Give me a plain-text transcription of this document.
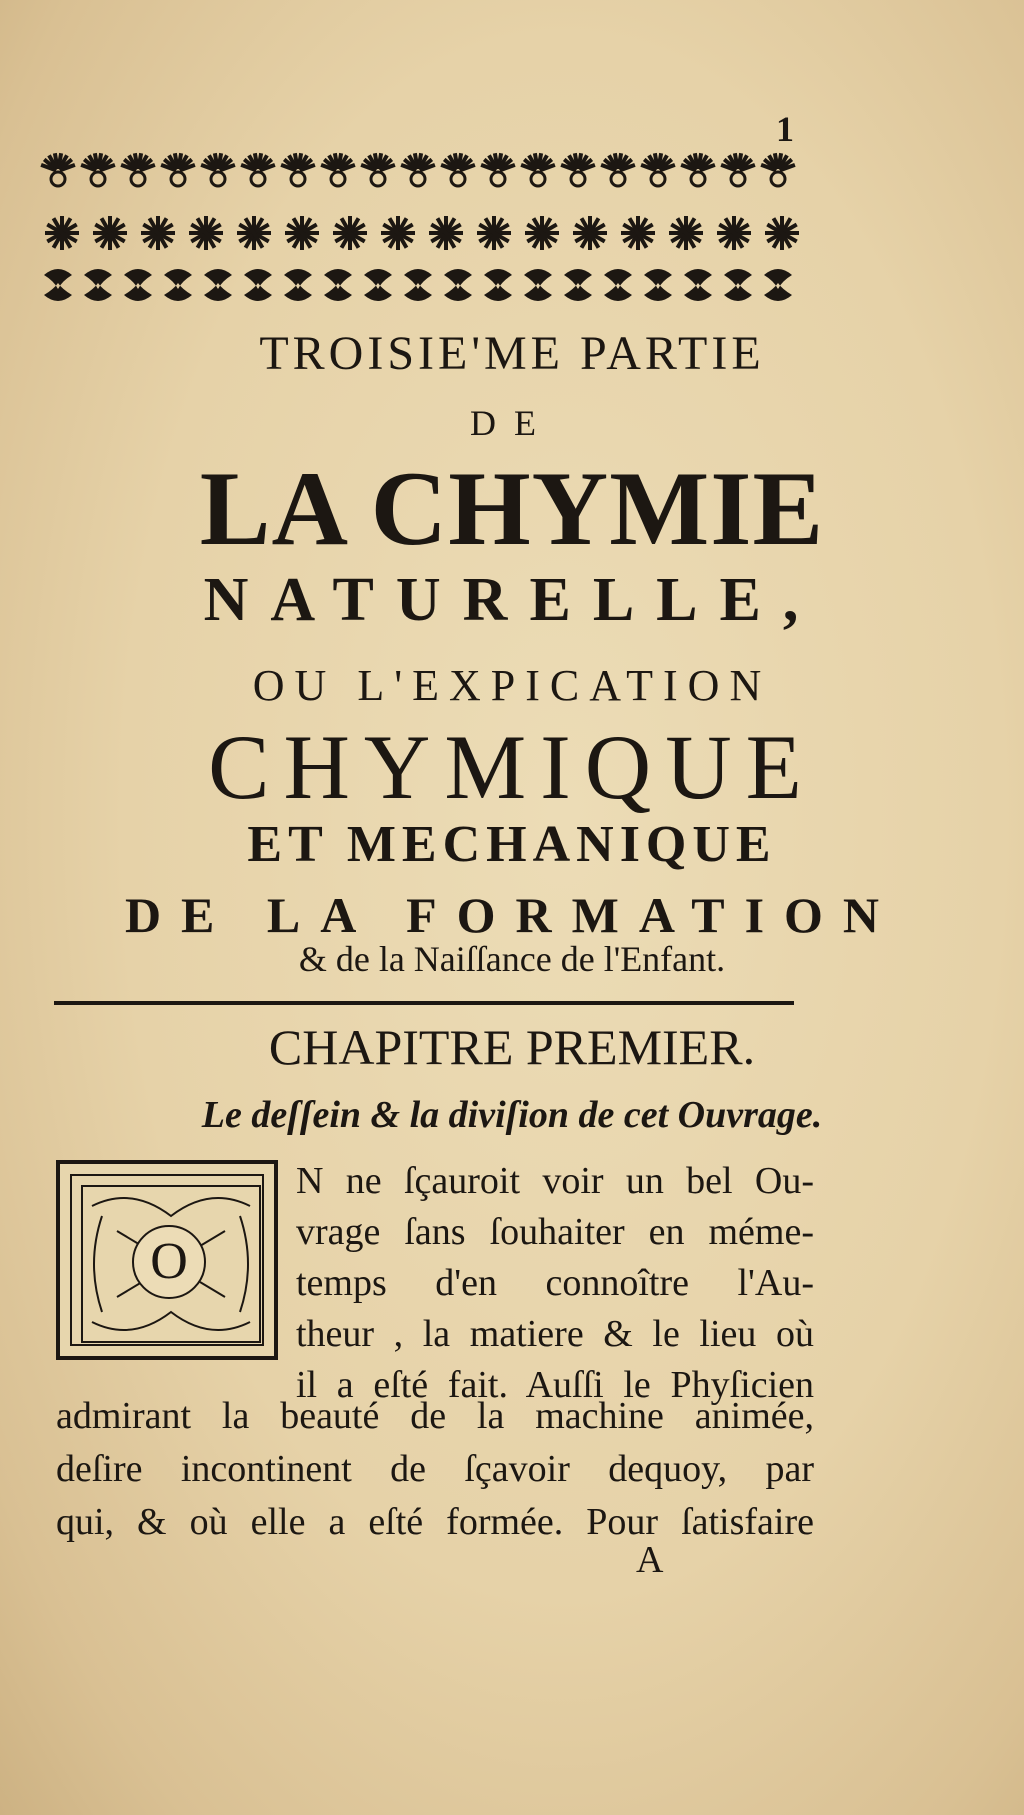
1
TROISIE'ME PARTIE
DE
LA CHYMIE
NATURELLE,
OU L'EXPICATION
CHYMIQUE
ET MECHANIQUE
DE LA FORMATION
& de la Naiſſance de l'Enfant.
CHAPITRE PREMIER.
Le deſſein & la diviſion de cet Ouvrage.
O
N ne ſçauroit voir un bel Ou-
vrage ſans ſouhaiter en méme-
temps d'en connoître l'Au-
theur , la matiere & le lieu où
il a eſté fait. Auſſi le Phyſicien
admirant la beauté de la machine animée,
deſire incontinent de ſçavoir dequoy, par
qui, & où elle a eſté formée. Pour ſatisfaire
A
